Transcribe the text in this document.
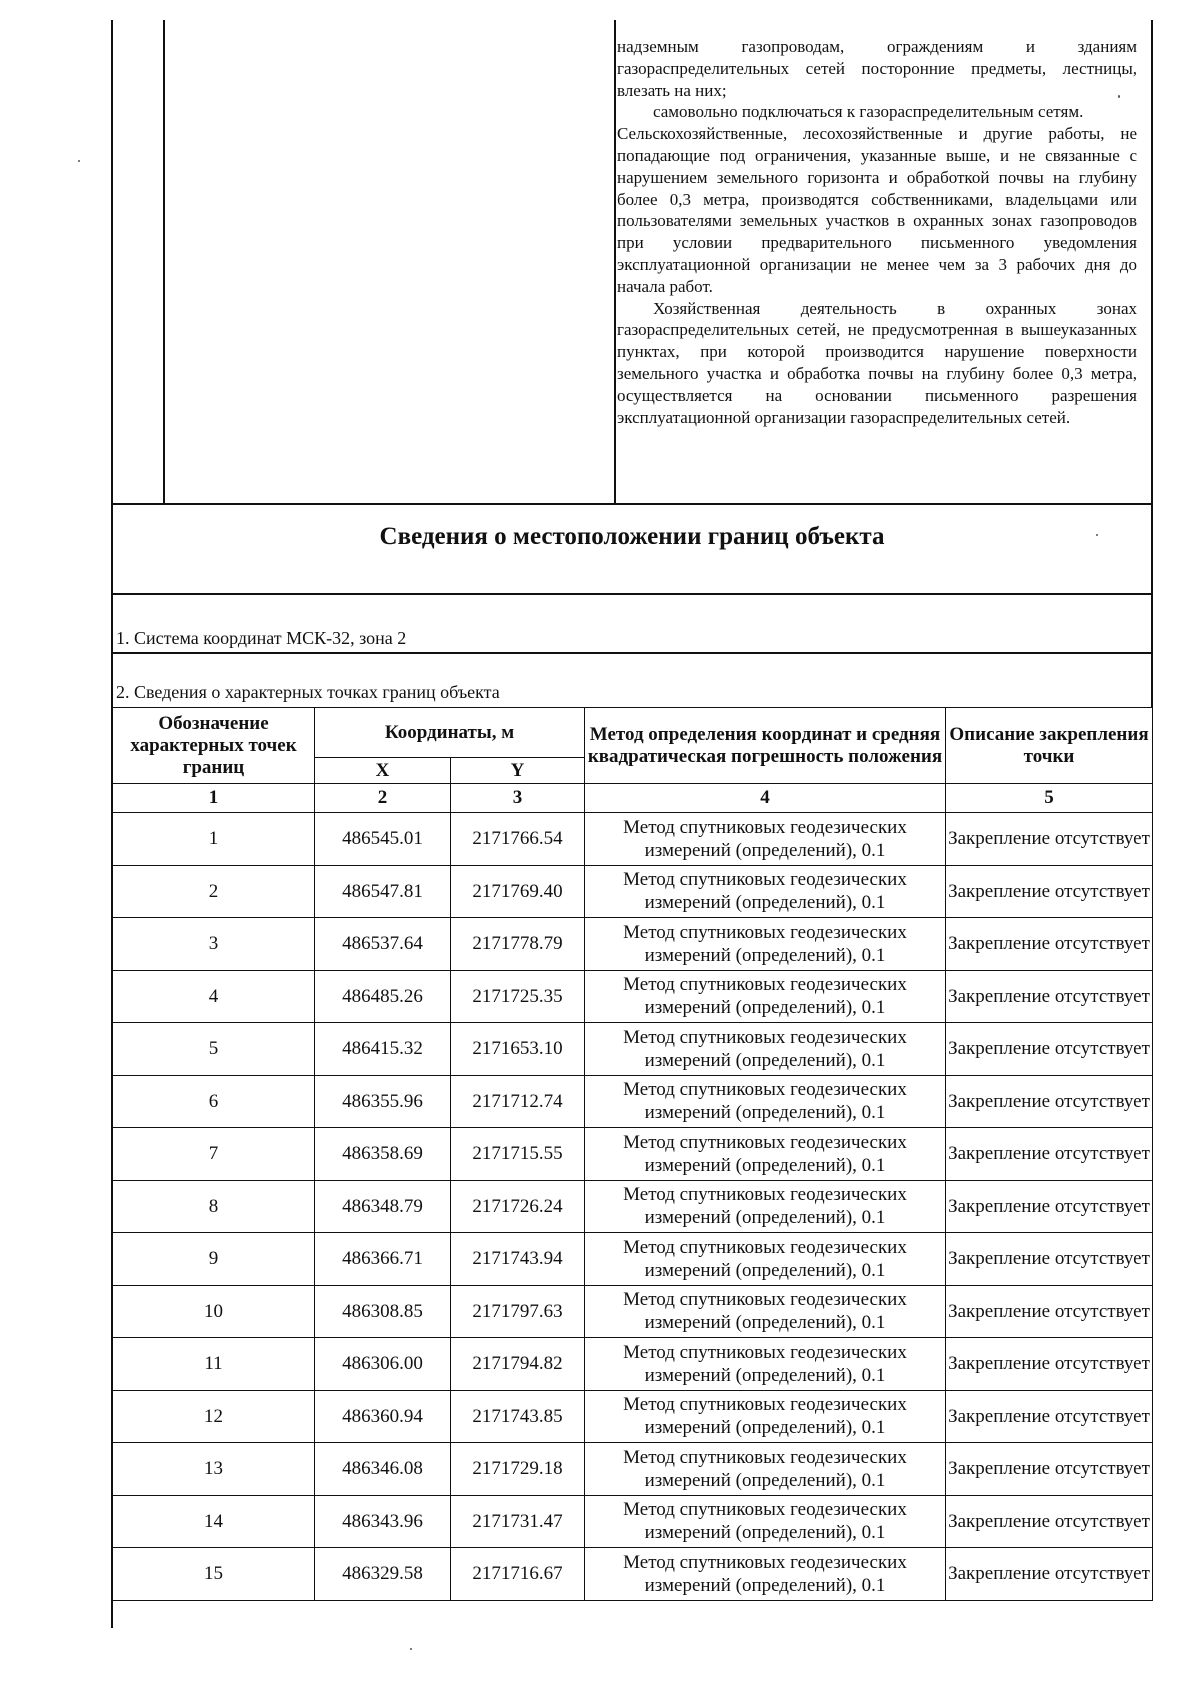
надземным газопроводам, ограждениям и зданиям газораспределительных сетей посторонние предметы, лестницы, влезать на них;

самовольно подключаться к газораспределительным сетям.

Сельскохозяйственные, лесохозяйственные и другие работы, не попадающие под ограничения, указанные выше, и не связанные с нарушением земельного горизонта и обработкой почвы на глубину более 0,3 метра, производятся собственниками, владельцами или пользователями земельных участков в охранных зонах газопроводов при условии предварительного письменного уведомления эксплуатационной организации не менее чем за 3 рабочих дня до начала работ.

Хозяйственная деятельность в охранных зонах газораспределительных сетей, не предусмотренная в вышеуказанных пунктах, при которой производится нарушение поверхности земельного участка и обработка почвы на глубину более 0,3 метра, осуществляется на основании письменного разрешения эксплуатационной организации газораспределительных сетей.

Сведения о местоположении границ объекта
1. Система координат МСК-32, зона 2
2. Сведения о характерных точках границ объекта
Обозначение характерных точек границ	Координаты, м		Метод определения координат и средняя квадратическая погрешность положения	Описание закрепления точки
	X	Y		
1	2	3	4	5
1	486545.01	2171766.54	Метод спутниковых геодезических измерений (определений), 0.1	Закрепление отсутствует
2	486547.81	2171769.40	Метод спутниковых геодезических измерений (определений), 0.1	Закрепление отсутствует
3	486537.64	2171778.79	Метод спутниковых геодезических измерений (определений), 0.1	Закрепление отсутствует
4	486485.26	2171725.35	Метод спутниковых геодезических измерений (определений), 0.1	Закрепление отсутствует
5	486415.32	2171653.10	Метод спутниковых геодезических измерений (определений), 0.1	Закрепление отсутствует
6	486355.96	2171712.74	Метод спутниковых геодезических измерений (определений), 0.1	Закрепление отсутствует
7	486358.69	2171715.55	Метод спутниковых геодезических измерений (определений), 0.1	Закрепление отсутствует
8	486348.79	2171726.24	Метод спутниковых геодезических измерений (определений), 0.1	Закрепление отсутствует
9	486366.71	2171743.94	Метод спутниковых геодезических измерений (определений), 0.1	Закрепление отсутствует
10	486308.85	2171797.63	Метод спутниковых геодезических измерений (определений), 0.1	Закрепление отсутствует
11	486306.00	2171794.82	Метод спутниковых геодезических измерений (определений), 0.1	Закрепление отсутствует
12	486360.94	2171743.85	Метод спутниковых геодезических измерений (определений), 0.1	Закрепление отсутствует
13	486346.08	2171729.18	Метод спутниковых геодезических измерений (определений), 0.1	Закрепление отсутствует
14	486343.96	2171731.47	Метод спутниковых геодезических измерений (определений), 0.1	Закрепление отсутствует
15	486329.58	2171716.67	Метод спутниковых геодезических измерений (определений), 0.1	Закрепление отсутствует
